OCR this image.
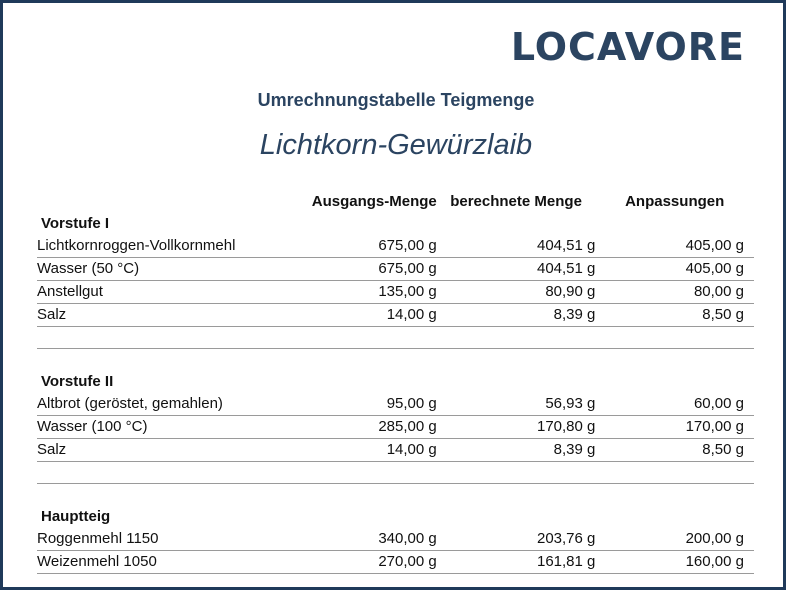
LOCAVORE
Umrechnungstabelle Teigmenge
Lichtkorn-Gewürzlaib
	Ausgangs-Menge	berechnete Menge	Anpassungen
Vorstufe I			
Lichtkornroggen-Vollkornmehl	675,00 g	404,51 g	405,00 g
Wasser (50 °C)	675,00 g	404,51 g	405,00 g
Anstellgut	135,00 g	80,90 g	80,00 g
Salz	14,00 g	8,39 g	8,50 g

Vorstufe II			
Altbrot (geröstet, gemahlen)	95,00 g	56,93 g	60,00 g
Wasser (100 °C)	285,00 g	170,80 g	170,00 g
Salz	14,00 g	8,39 g	8,50 g

Hauptteig			
Roggenmehl 1150	340,00 g	203,76 g	200,00 g
Weizenmehl 1050	270,00 g	161,81 g	160,00 g
